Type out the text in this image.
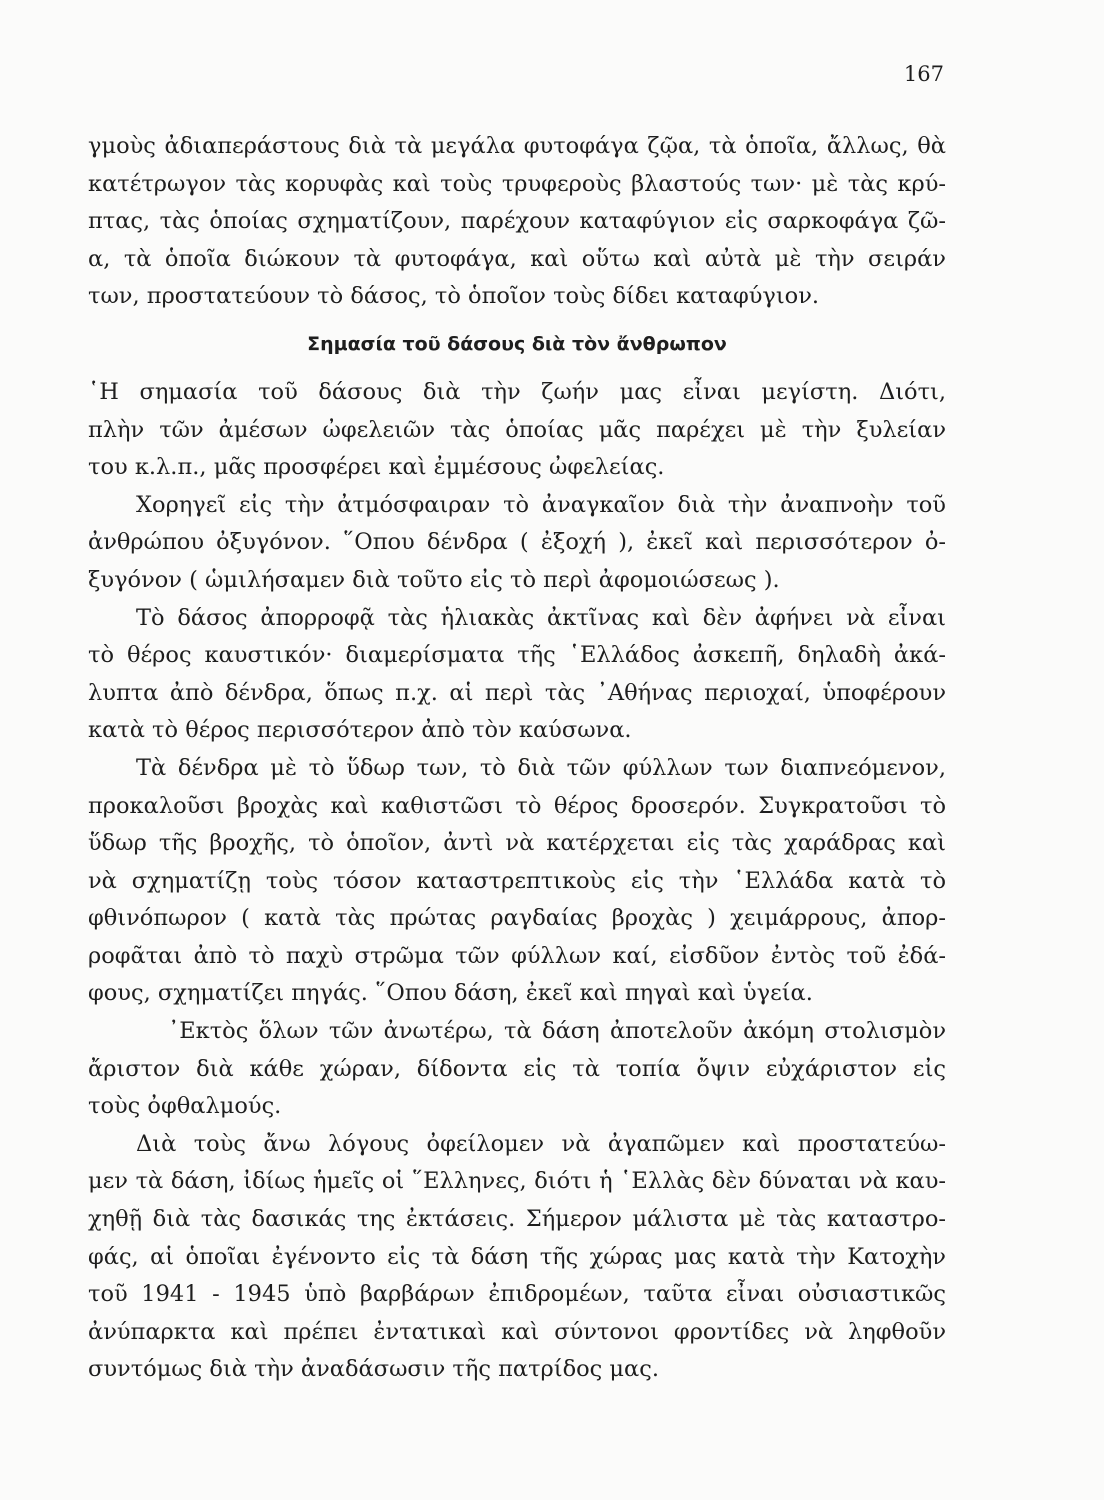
167
γμοὺς ἀδιαπεράστους διὰ τὰ μεγάλα φυτοφάγα ζῷα, τὰ ὁποῖα, ἄλλως, θὰ
κατέτρωγον τὰς κορυφὰς καὶ τοὺς τρυφεροὺς βλαστούς των· μὲ τὰς κρύ-
πτας, τὰς ὁποίας σχηματίζουν, παρέχουν καταφύγιον εἰς σαρκοφάγα ζῶ-
α, τὰ ὁποῖα διώκουν τὰ φυτοφάγα, καὶ οὕτω καὶ αὐτὰ μὲ τὴν σειράν
των, προστατεύουν τὸ δάσος, τὸ ὁποῖον τοὺς δίδει καταφύγιον.
Σημασία τοῦ δάσους διὰ τὸν ἄνθρωπον
῾Η σημασία τοῦ δάσους διὰ τὴν ζωήν μας εἶναι μεγίστη. Διότι,
πλὴν τῶν ἀμέσων ὠφελειῶν τὰς ὁποίας μᾶς παρέχει μὲ τὴν ξυλείαν
του κ.λ.π., μᾶς προσφέρει καὶ ἐμμέσους ὠφελείας.
Χορηγεῖ εἰς τὴν ἀτμόσφαιραν τὸ ἀναγκαῖον διὰ τὴν ἀναπνοὴν τοῦ
ἀνθρώπου ὀξυγόνον. ῞Οπου δένδρα ( ἐξοχή ), ἐκεῖ καὶ περισσότερον ὀ-
ξυγόνον ( ὡμιλήσαμεν διὰ τοῦτο εἰς τὸ περὶ ἀφομοιώσεως ).
Τὸ δάσος ἀπορροφᾷ τὰς ἡλιακὰς ἀκτῖνας καὶ δὲν ἀφήνει νὰ εἶναι
τὸ θέρος καυστικόν· διαμερίσματα τῆς ῾Ελλάδος ἀσκεπῆ, δηλαδὴ ἀκά-
λυπτα ἀπὸ δένδρα, ὅπως π.χ. αἱ περὶ τὰς ᾿Αθήνας περιοχαί, ὑποφέρουν
κατὰ τὸ θέρος περισσότερον ἀπὸ τὸν καύσωνα.
Τὰ δένδρα μὲ τὸ ὕδωρ των, τὸ διὰ τῶν φύλλων των διαπνεόμενον,
προκαλοῦσι βροχὰς καὶ καθιστῶσι τὸ θέρος δροσερόν. Συγκρατοῦσι τὸ
ὕδωρ τῆς βροχῆς, τὸ ὁποῖον, ἀντὶ νὰ κατέρχεται εἰς τὰς χαράδρας καὶ
νὰ σχηματίζῃ τοὺς τόσον καταστρεπτικοὺς εἰς τὴν ῾Ελλάδα κατὰ τὸ
φθινόπωρον ( κατὰ τὰς πρώτας ραγδαίας βροχὰς ) χειμάρρους, ἀπορ-
ροφᾶται ἀπὸ τὸ παχὺ στρῶμα τῶν φύλλων καί, εἰσδῦον ἐντὸς τοῦ ἐδά-
φους, σχηματίζει πηγάς. ῞Οπου δάση, ἐκεῖ καὶ πηγαὶ καὶ ὑγεία.
᾿Εκτὸς ὅλων τῶν ἀνωτέρω, τὰ δάση ἀποτελοῦν ἀκόμη στολισμὸν
ἄριστον διὰ κάθε χώραν, δίδοντα εἰς τὰ τοπία ὄψιν εὐχάριστον εἰς
τοὺς ὀφθαλμούς.
Διὰ τοὺς ἄνω λόγους ὀφείλομεν νὰ ἀγαπῶμεν καὶ προστατεύω-
μεν τὰ δάση, ἰδίως ἡμεῖς οἱ ῞Ελληνες, διότι ἡ ῾Ελλὰς δὲν δύναται νὰ καυ-
χηθῇ διὰ τὰς δασικάς της ἐκτάσεις. Σήμερον μάλιστα μὲ τὰς καταστρο-
φάς, αἱ ὁποῖαι ἐγένοντο εἰς τὰ δάση τῆς χώρας μας κατὰ τὴν Κατοχὴν
τοῦ 1941 - 1945 ὑπὸ βαρβάρων ἐπιδρομέων, ταῦτα εἶναι οὐσιαστικῶς
ἀνύπαρκτα καὶ πρέπει ἐντατικαὶ καὶ σύντονοι φροντίδες νὰ ληφθοῦν
συντόμως διὰ τὴν ἀναδάσωσιν τῆς πατρίδος μας.
